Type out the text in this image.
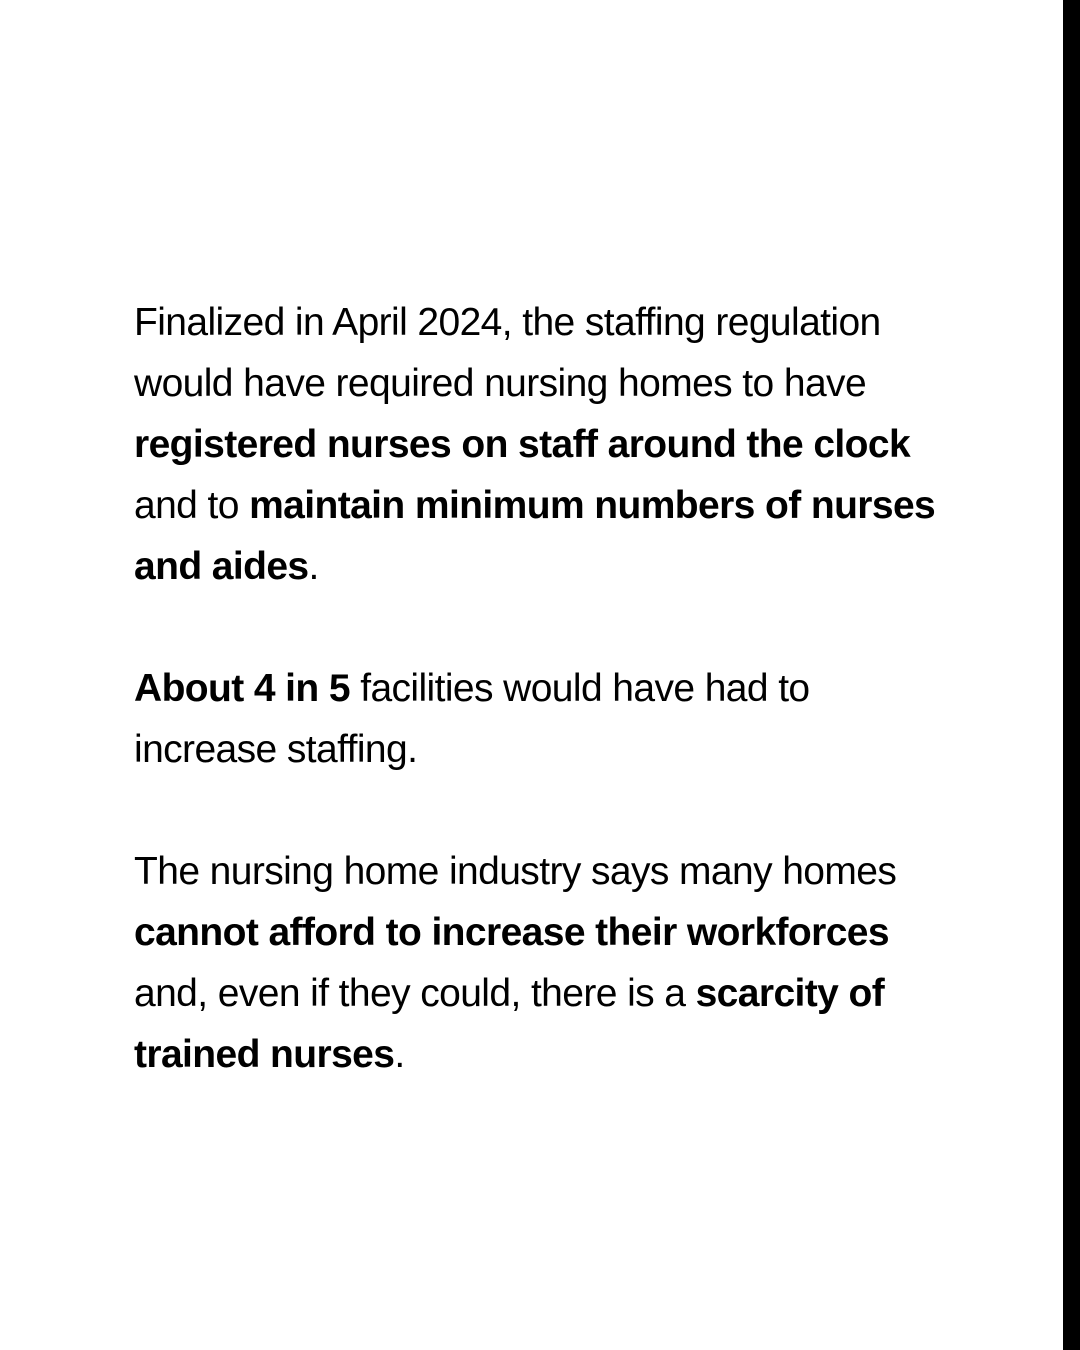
Finalized in April 2024, the staffing regulation would have required nursing homes to have registered nurses on staff around the clock and to maintain minimum numbers of nurses and aides.

About 4 in 5 facilities would have had to increase staffing.

The nursing home industry says many homes cannot afford to increase their workforces and, even if they could, there is a scarcity of trained nurses.
